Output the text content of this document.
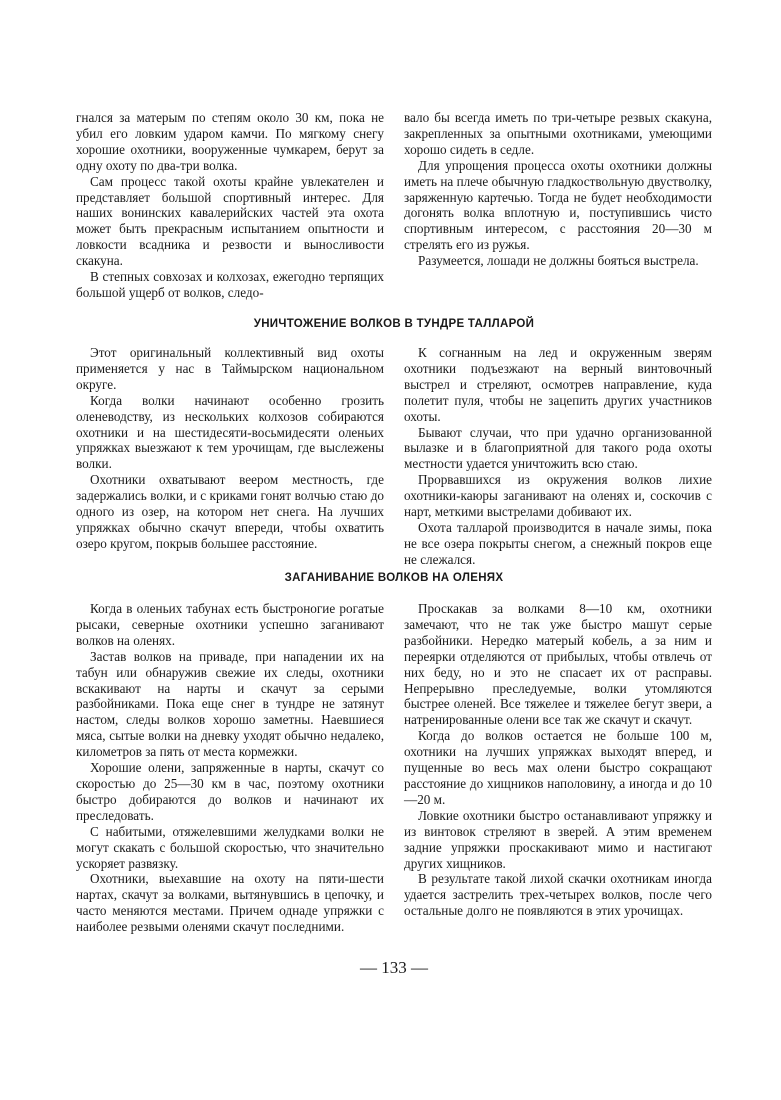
гнался за матерым по степям около 30 км, пока не убил его ловким ударом камчи. По мягкому снегу хорошие охотники, вооруженные чумкарем, берут за одну охоту по два-три волка.

Сам процесс такой охоты крайне увлекателен и представляет большой спортивный интерес. Для наших вонинских кавалерийских частей эта охота может быть прекрасным испытанием опытности и ловкости всадника и резвости и выносливости скакуна.

В степных совхозах и колхозах, ежегодно терпящих большой ущерб от волков, следо-

вало бы всегда иметь по три-четыре резвых скакуна, закрепленных за опытными охотниками, умеющими хорошо сидеть в седле.

Для упрощения процесса охоты охотники должны иметь на плече обычную гладкоствольную двустволку, заряженную картечью. Тогда не будет необходимости догонять волка вплотную и, поступившись чисто спортивным интересом, с расстояния 20—30 м стрелять его из ружья.

Разумеется, лошади не должны бояться выстрела.

УНИЧТОЖЕНИЕ ВОЛКОВ В ТУНДРЕ ТАЛЛАРОЙ

Этот оригинальный коллективный вид охоты применяется у нас в Таймырском национальном округе.

Когда волки начинают особенно грозить оленеводству, из нескольких колхозов собираются охотники и на шестидесяти-восьмидесяти оленьих упряжках выезжают к тем урочищам, где выслежены волки.

Охотники охватывают веером местность, где задержались волки, и с криками гонят волчью стаю до одного из озер, на котором нет снега. На лучших упряжках обычно скачут впереди, чтобы охватить озеро кругом, покрыв большее расстояние.

К согнанным на лед и окруженным зверям охотники подъезжают на верный винтовочный выстрел и стреляют, осмотрев направление, куда полетит пуля, чтобы не зацепить других участников охоты.

Бывают случаи, что при удачно организованной вылазке и в благоприятной для такого рода охоты местности удается уничтожить всю стаю.

Прорвавшихся из окружения волков лихие охотники-каюры заганивают на оленях и, соскочив с нарт, меткими выстрелами добивают их.

Охота талларой производится в начале зимы, пока не все озера покрыты снегом, а снежный покров еще не слежался.

ЗАГАНИВАНИЕ ВОЛКОВ НА ОЛЕНЯХ

Когда в оленьих табунах есть быстроногие рогатые рысаки, северные охотники успешно заганивают волков на оленях.

Застав волков на приваде, при нападении их на табун или обнаружив свежие их следы, охотники вскакивают на нарты и скачут за серыми разбойниками. Пока еще снег в тундре не затянут настом, следы волков хорошо заметны. Наевшиеся мяса, сытые волки на дневку уходят обычно недалеко, километров за пять от места кормежки.

Хорошие олени, запряженные в нарты, скачут со скоростью до 25—30 км в час, поэтому охотники быстро добираются до волков и начинают их преследовать.

С набитыми, отяжелевшими желудками волки не могут скакать с большой скоростью, что значительно ускоряет развязку.

Охотники, выехавшие на охоту на пяти-шести нартах, скачут за волками, вытянувшись в цепочку, и часто меняются местами. Причем однаде упряжки с наиболее резвыми оленями скачут последними.

Проскакав за волками 8—10 км, охотники замечают, что не так уже быстро машут серые разбойники. Нередко матерый кобель, а за ним и переярки отделяются от прибылых, чтобы отвлечь от них беду, но и это не спасает их от расправы. Непрерывно преследуемые, волки утомляются быстрее оленей. Все тяжелее и тяжелее бегут звери, а натренированные олени все так же скачут и скачут.

Когда до волков остается не больше 100 м, охотники на лучших упряжках выходят вперед, и пущенные во весь мах олени быстро сокращают расстояние до хищников наполовину, а иногда и до 10—20 м.

Ловкие охотники быстро останавливают упряжку и из винтовок стреляют в зверей. А этим временем задние упряжки проскакивают мимо и настигают других хищников.

В результате такой лихой скачки охотникам иногда удается застрелить трех-четырех волков, после чего остальные долго не появляются в этих урочищах.

— 133 —
